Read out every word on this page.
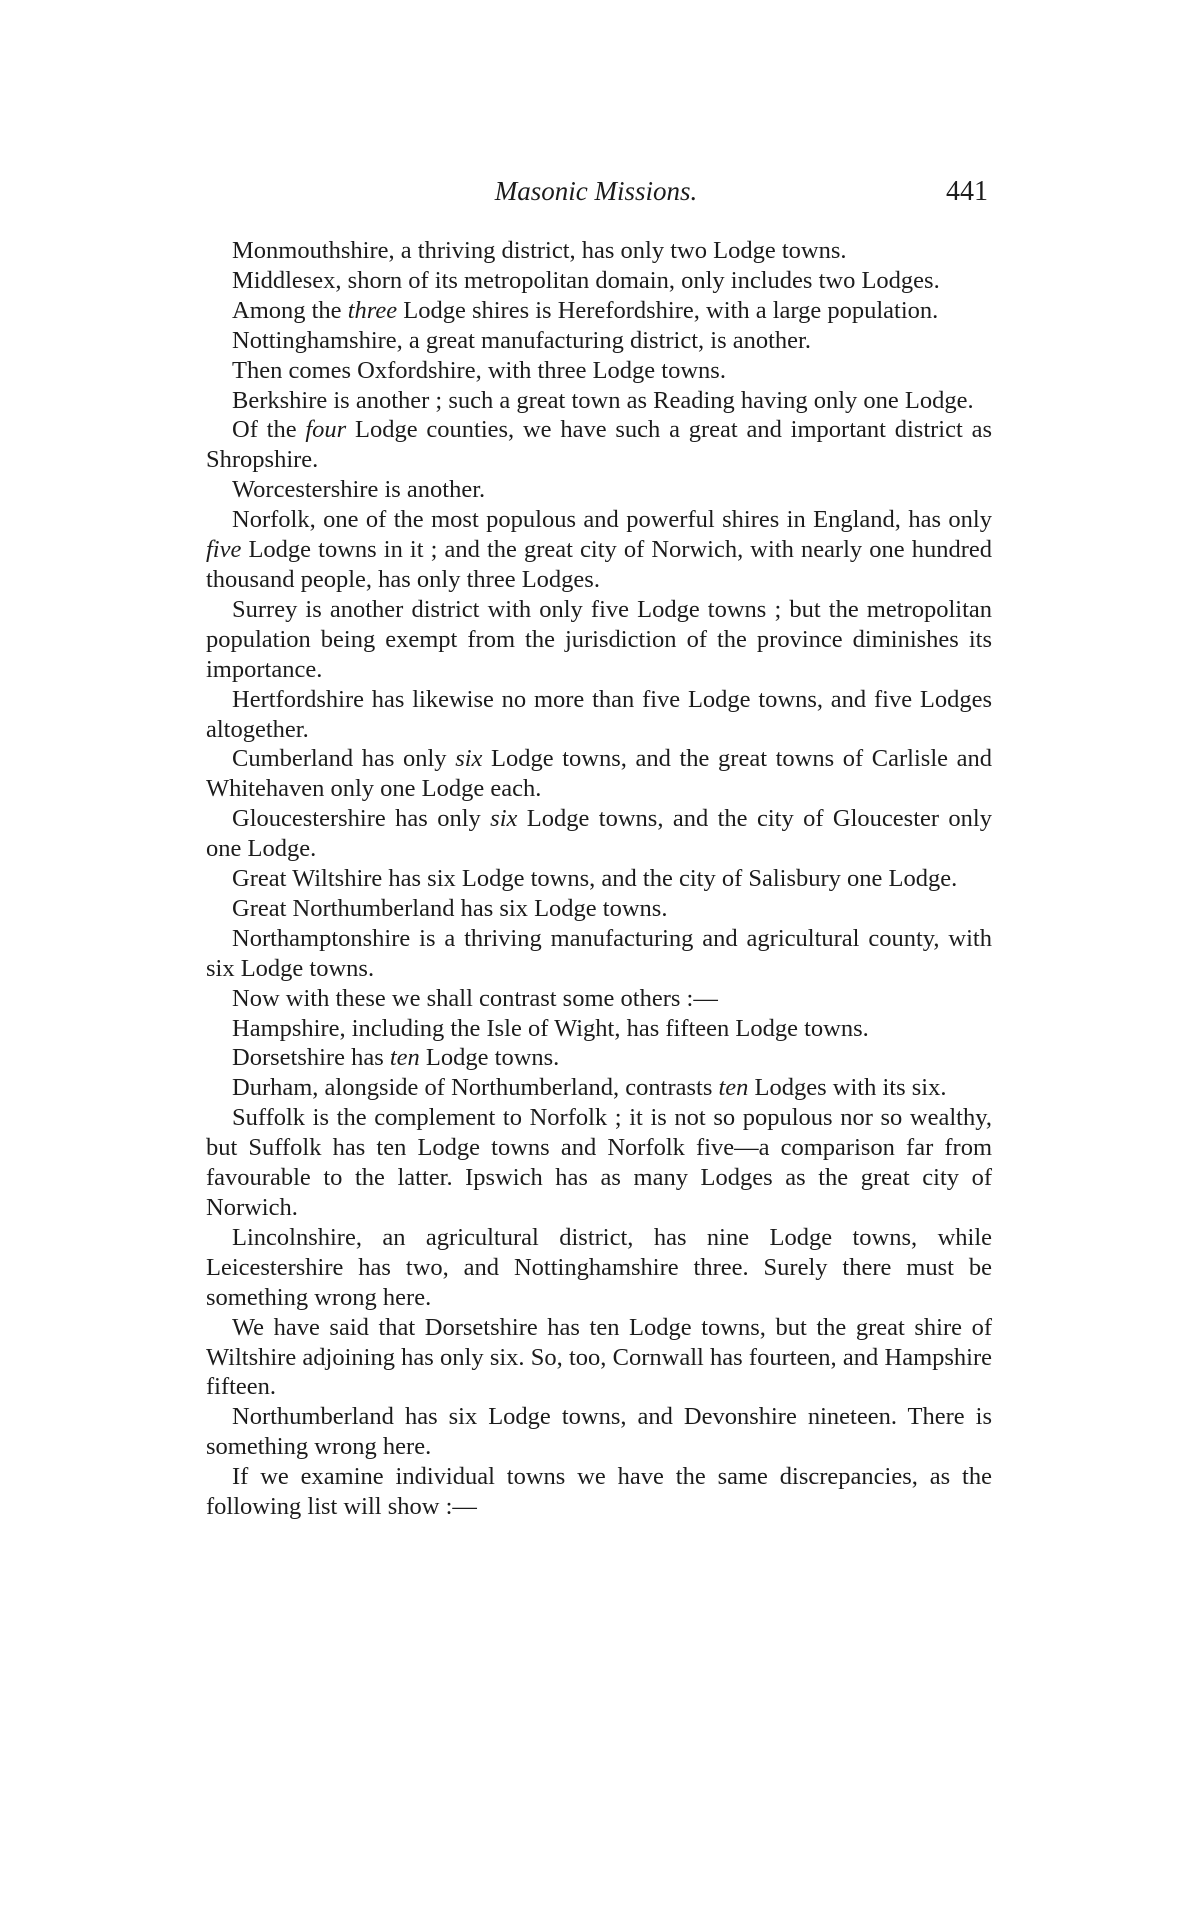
Masonic Missions.	441

Monmouthshire, a thriving district, has only two Lodge towns.

Middlesex, shorn of its metropolitan domain, only includes two Lodges.

Among the three Lodge shires is Herefordshire, with a large population.

Nottinghamshire, a great manufacturing district, is another.

Then comes Oxfordshire, with three Lodge towns.

Berkshire is another ; such a great town as Reading having only one Lodge.

Of the four Lodge counties, we have such a great and important district as Shropshire.

Worcestershire is another.

Norfolk, one of the most populous and powerful shires in England, has only five Lodge towns in it ; and the great city of Norwich, with nearly one hundred thousand people, has only three Lodges.

Surrey is another district with only five Lodge towns ; but the metropolitan population being exempt from the jurisdiction of the province diminishes its importance.

Hertfordshire has likewise no more than five Lodge towns, and five Lodges altogether.

Cumberland has only six Lodge towns, and the great towns of Carlisle and Whitehaven only one Lodge each.

Gloucestershire has only six Lodge towns, and the city of Gloucester only one Lodge.

Great Wiltshire has six Lodge towns, and the city of Salisbury one Lodge.

Great Northumberland has six Lodge towns.

Northamptonshire is a thriving manufacturing and agricultural county, with six Lodge towns.

Now with these we shall contrast some others :—

Hampshire, including the Isle of Wight, has fifteen Lodge towns.

Dorsetshire has ten Lodge towns.

Durham, alongside of Northumberland, contrasts ten Lodges with its six.

Suffolk is the complement to Norfolk ; it is not so populous nor so wealthy, but Suffolk has ten Lodge towns and Norfolk five—a comparison far from favourable to the latter. Ipswich has as many Lodges as the great city of Norwich.

Lincolnshire, an agricultural district, has nine Lodge towns, while Leicestershire has two, and Nottinghamshire three. Surely there must be something wrong here.

We have said that Dorsetshire has ten Lodge towns, but the great shire of Wiltshire adjoining has only six. So, too, Cornwall has fourteen, and Hampshire fifteen.

Northumberland has six Lodge towns, and Devonshire nineteen. There is something wrong here.

If we examine individual towns we have the same discrepancies, as the following list will show :—
